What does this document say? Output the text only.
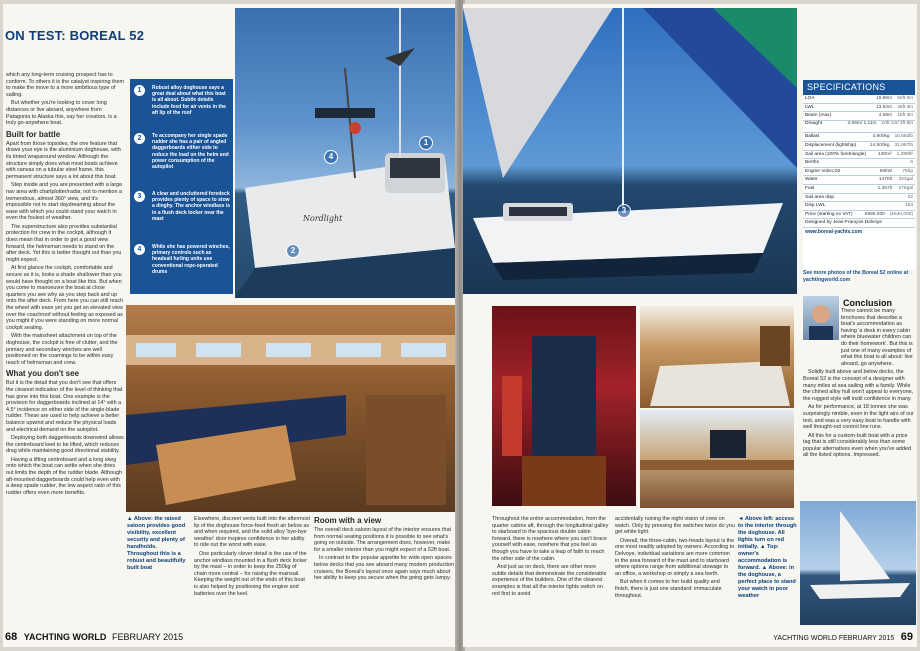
ON TEST: BOREAL 52

which any long-term cruising prospect has to conform. To others it is the catalyst inspiring them to make the move to a more ambitious type of sailing.

But whether you're looking to cover long distances or live aboard, anywhere from Patagonia to Alaska this, say her creators, is a truly go-anywhere boat.

Built for battle

Apart from those topsides, the one feature that draws your eye is the aluminium doghouse, with its tinted wraparound window. Although the structure simply does what most boats achieve with canvas on a tubular steel frame, this permanent structure says a lot about this boat.

Step inside and you are presented with a large nav area with chartplotter/radar, not to mention a tremendous, almost 360° view, and it's impossible not to start daydreaming about the ease with which you could stand your watch in even the foulest of weather.

The superstructure also provides substantial protection for crew in the cockpit, although it does mean that in order to get a good view forward, the helmsman needs to stand on the after deck. Yet this is better thought out than you might expect.

At first glance the cockpit, comfortable and secure as it is, looks a shade shallower than you would have thought on a boat like this. But when you come to manoeuvre the boat at close quarters you see why as you step back and up onto the after deck. From here you can still reach the wheel with ease yet you get an elevated view over the coachroof without feeling as exposed as you might if you were standing on more normal cockpit seating.

With the mainsheet attachment on top of the doghouse, the cockpit is free of clutter, and the primary and secondary winches are well positioned on the coamings to be within easy reach of helmsman and crew.

What you don't see

But it is the detail that you don't see that offers the clearest indication of the level of thinking that has gone into this boat. One example is the provision for daggerboards inclined at 14° with a 4.5° incidence on either side of the single-blade rudder. These are used to help achieve a better balance upwind and reduce the physical loads and electrical demand on the autopilot.

Deploying both daggerboards downwind allows the centreboard keel to be lifted, which reduces drag while maintaining good directional stability.

Having a lifting centreboard and a long skeg onto which the boat can settle when she dries out limits the depth of the rudder blade. Although aft-mounted daggerboards could help even with a deep spade rudder, the low aspect ratio of this rudder offers even more benefits.

Nordlight
1	Robust alloy doghouse says a great deal about what this boat is all about. Subtle details include feed for air vents in the aft lip of the roof
2	To accompany her single spade rudder she has a pair of angled daggerboards either side to reduce the load on the helm and power consumption of the autopilot
3	A clear and uncluttered foredeck provides plenty of space to stow a dinghy. The anchor windlass is in a flush deck locker near the mast
4	While she has powered winches, primary controls such as headsail furling units use conventional rope-operated drums
1
2
4
▲ Above: the raised saloon provides good visibility, excellent security and plenty of handholds. Throughout this is a robust and beautifully built boat

Elsewhere, discreet vents built into the aftermost lip of the doghouse force-feed fresh air below as and when required, and the solid alloy 'bye-bye weather' door inspires confidence in her ability to ride out the worst with ease.

One particularly clever detail is the use of the anchor windlass mounted in a flush deck locker by the mast – in order to keep the 250kg of chain more central – for raising the mainsail. Keeping the weight out of the ends of this boat is also helped by positioning the engine and batteries over the keel.

Room with a view

The overall deck saloon layout of the interior ensures that from normal seating positions it is possible to see what's going on outside. The arrangement does, however, make for a smaller interior than you might expect of a 52ft boat.

In contrast to the popular appetite for wide open spaces below decks that you see aboard many modern production cruisers, the Boreal's layout once again says much about her ability to keep you secure when the going gets lumpy.

68 YACHTING WORLD FEBRUARY 2015
3
SPECIFICATIONS
LOA	15.86m 52ft 0in
LWL	13.82m 45ft 4in
Beam (max)	4.68m 15ft 3in
Draught	3.06m/ 1.11m 10ft 1in/ 3ft 8in
Ballast	4,800kg 10,582lb
Displacement (lightship)	14,500kg 31,967lb
Sail area (100% foretriangle)	130m² 1,399ft²
Berths	6
Engine Volvo D2	56kW	75hp
Water	1470lt	323gal
Fuel	1,257lt	276gal
Sail area disp	22
Disp LWL	153
Price (starting ex VAT)	€685,000 (£540,000)
Designed by Jean-François Delvoye
www.boreal-yachts.com
See more photos of the Boreal 52 online at yachtingworld.com
Conclusion

There cannot be many brochures that describe a boat's accommodation as having 'a desk in every cabin where bluewater children can do their homework'. But this is just one of many examples of what this boat is all about: live aboard, go anywhere.

Solidly built above and below decks, the Boreal 52 is the concept of a designer with many miles at sea sailing with a family. While the chined alloy hull won't appeal to everyone, the rugged style will instil confidence in many.

As for performance, at 18 tonnes she was surprisingly nimble, even in the light airs of our test, and was a very easy boat to handle with well thought-out control line runs.

All this for a custom-built boat with a price tag that is still considerably less than some popular alternatives even when you've added all the listed options. Impressed.

◄ Above left: access to the interior through the doghouse. All lights turn on red initially. ▲ Top: owner's accommodation is forward. ▲ Above: in the doghouse, a perfect place to stand your watch in poor weather

Throughout the entire accommodation, from the quarter cabins aft, through the longitudinal galley to starboard to the spacious double cabin forward, there is nowhere where you can't brace yourself with ease, nowhere that you feel as though you have to take a leap of faith to reach the other side of the cabin.

And just as on deck, there are other more subtle details that demonstrate the considerable experience of the builders. One of the clearest examples is that all the interior lights switch on red first to avoid

accidentally ruining the night vision of crew on watch. Only by pressing the switches twice do you get white light.

Overall, the three-cabin, two-heads layout is the one most readily adopted by owners. According to Delvoye, individual variations are more common in the area forward of the mast and to starboard where options range from additional stowage to an office, a workshop or simply a sea berth.

But when it comes to her build quality and finish, there is just one standard: immaculate throughout.

YACHTING WORLD FEBRUARY 2015 69
